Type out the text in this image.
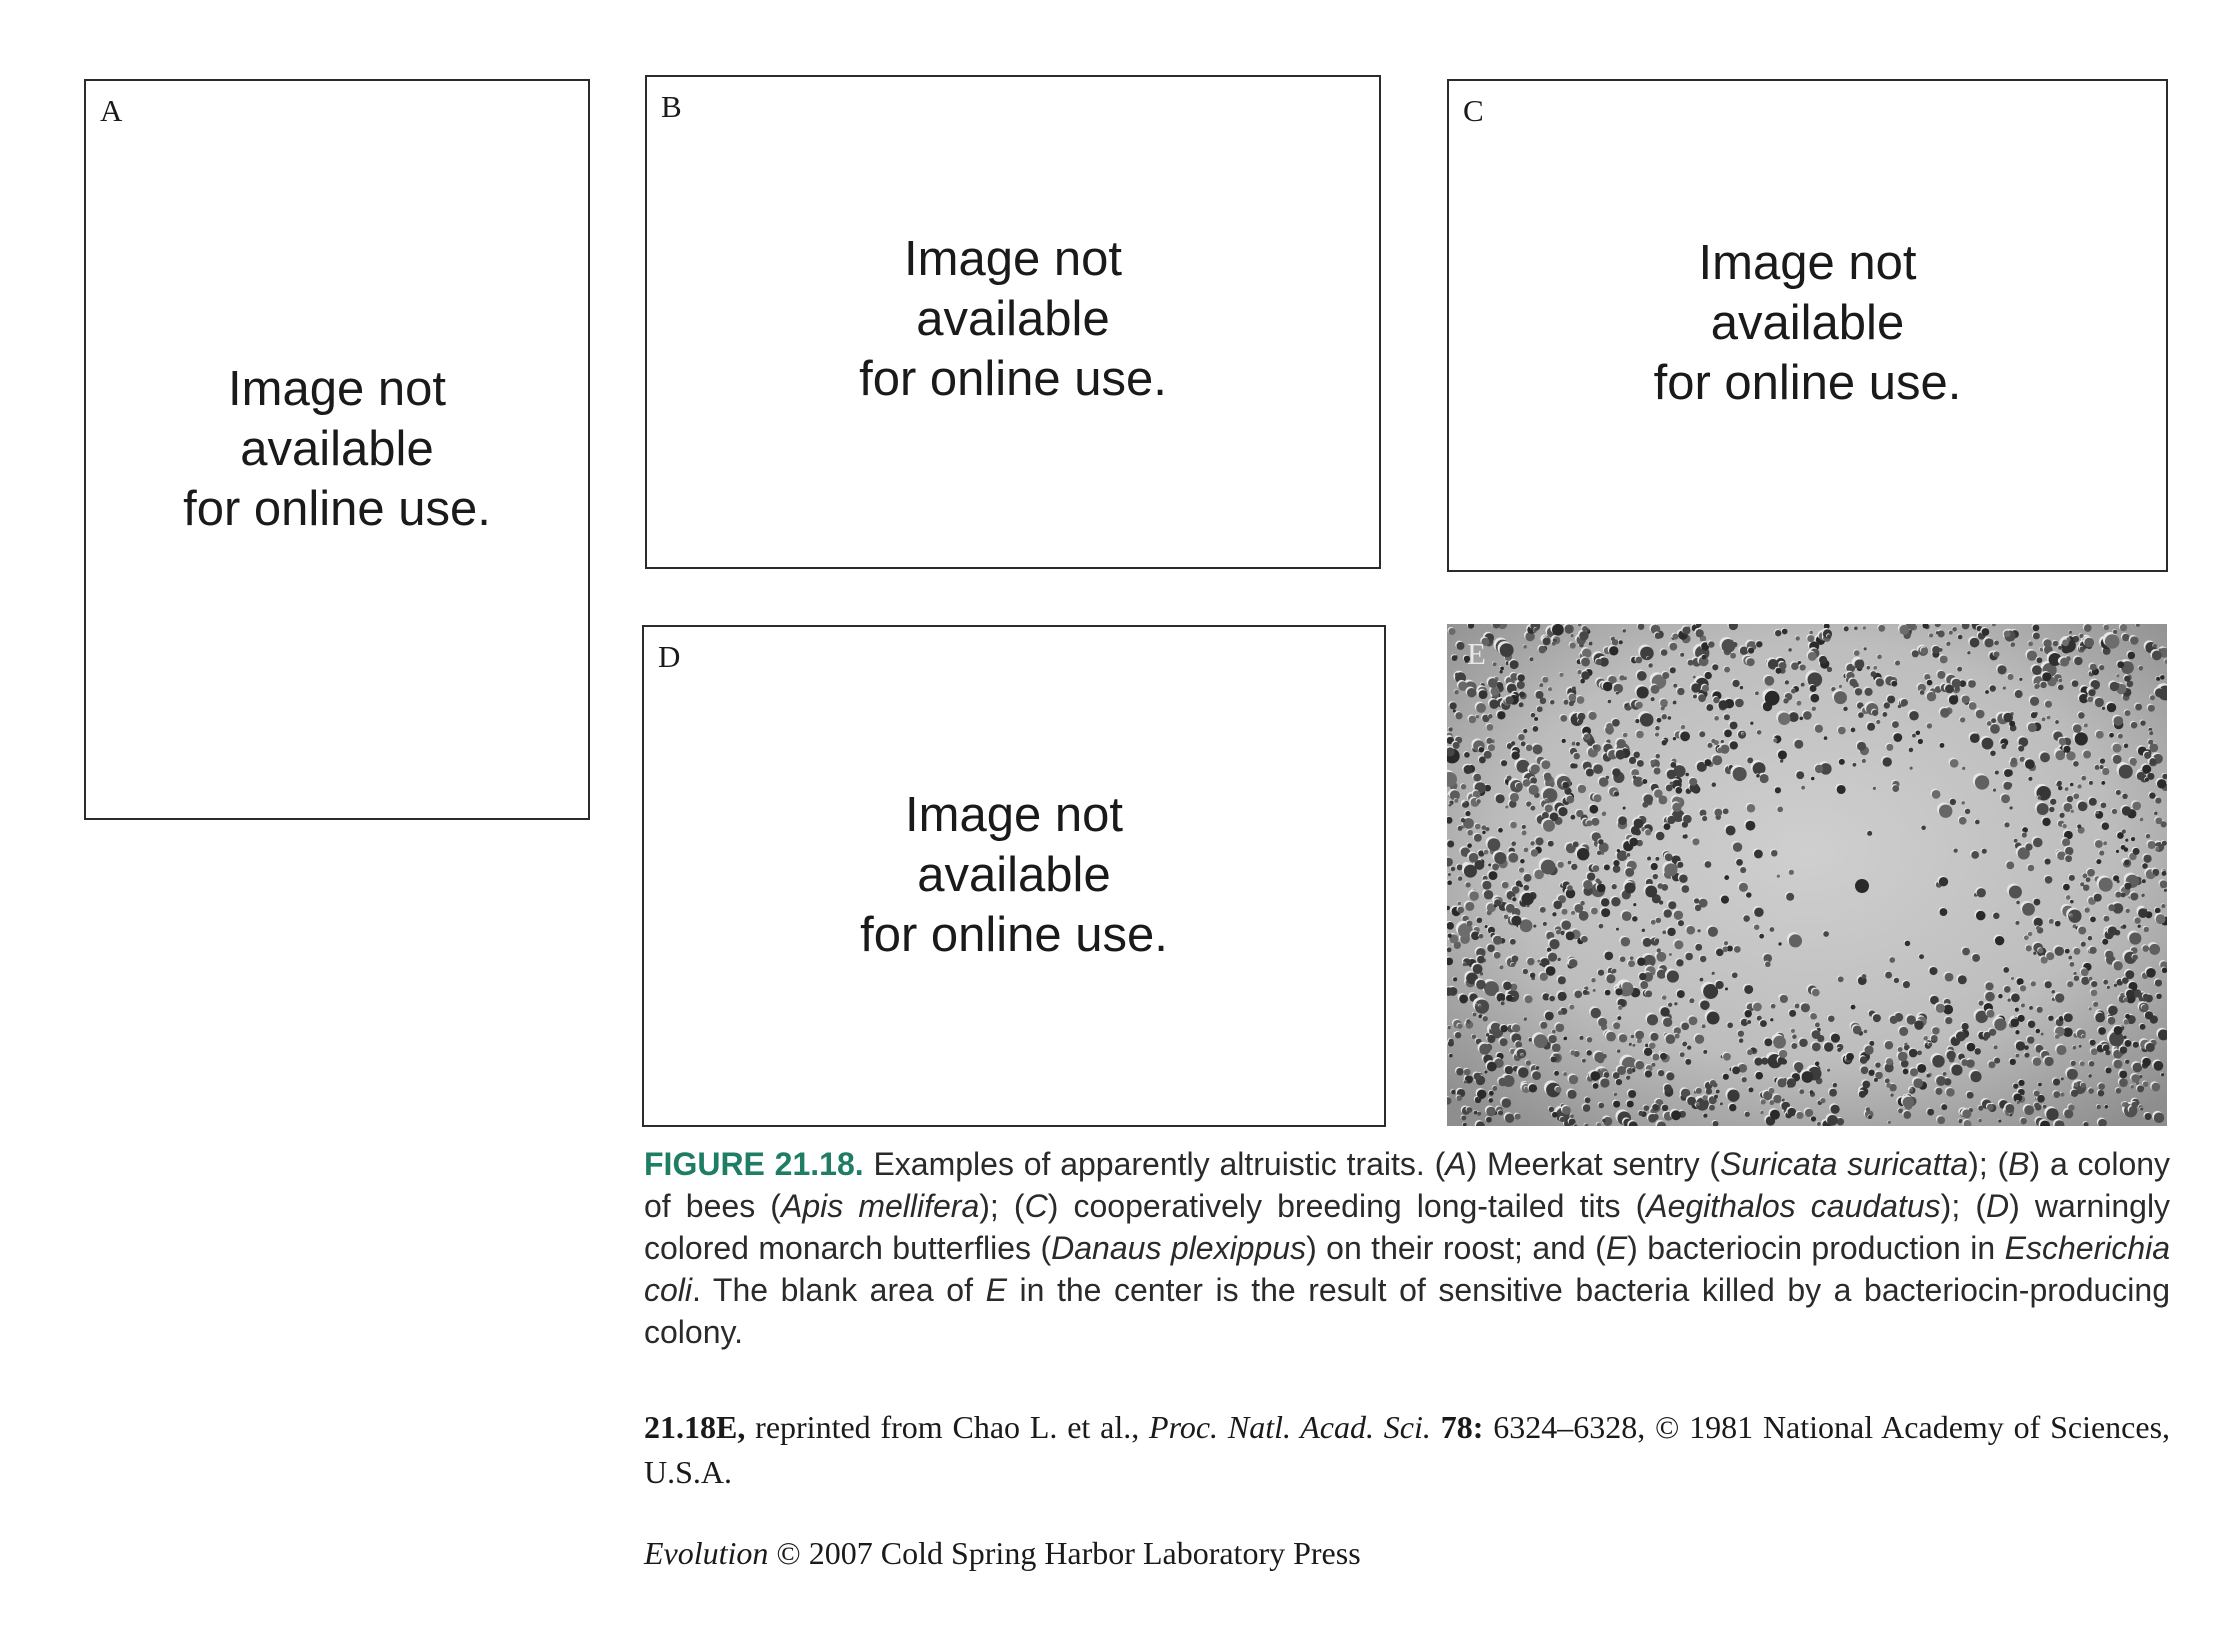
A
Image not
available
for online use.
B
Image not
available
for online use.
C
Image not
available
for online use.
D
Image not
available
for online use.
E

FIGURE 21.18. Examples of apparently altruistic traits. (A) Meerkat sentry (Suricata suricatta); (B) a colony of bees (Apis mellifera); (C) cooperatively breeding long-tailed tits (Aegithalos caudatus); (D) warningly colored monarch butterflies (Danaus plexippus) on their roost; and (E) bacteriocin production in Escherichia coli. The blank area of E in the center is the result of sensitive bacteria killed by a bacteriocin-producing colony.

21.18E, reprinted from Chao L. et al., Proc. Natl. Acad. Sci. 78: 6324–6328, © 1981 National Academy of Sciences, U.S.A.

Evolution © 2007 Cold Spring Harbor Laboratory Press
